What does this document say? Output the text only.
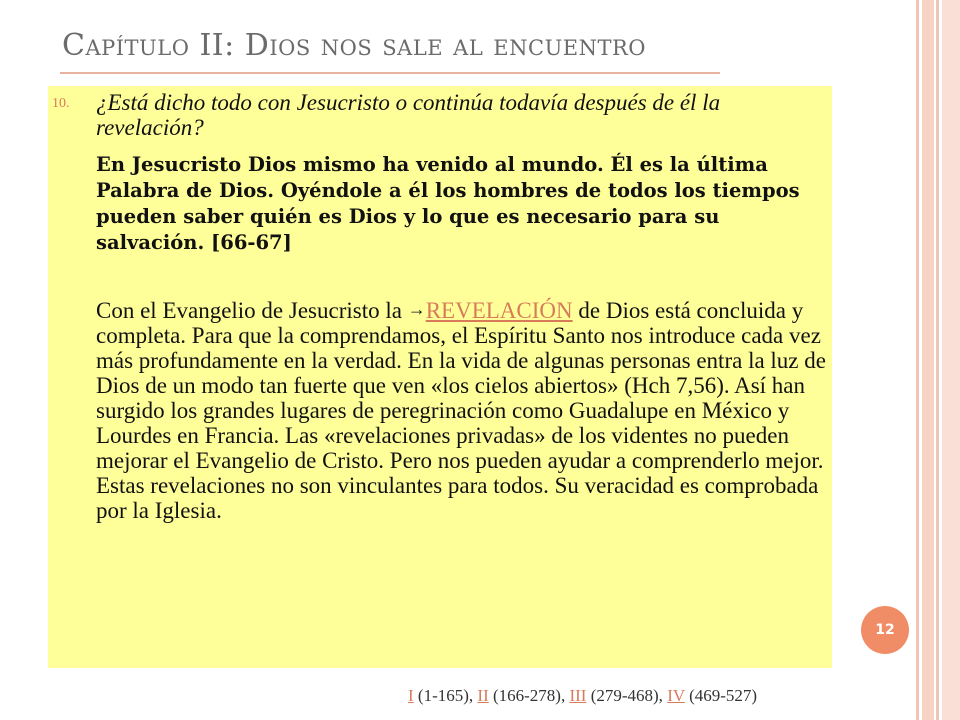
Capítulo II: Dios nos sale al encuentro
10. ¿Está dicho todo con Jesucristo o continúa todavía después de él la revelación?
En Jesucristo Dios mismo ha venido al mundo. Él es la última Palabra de Dios. Oyéndole a él los hombres de todos los tiempos pueden saber quién es Dios y lo que es necesario para su salvación. [66-67]
Con el Evangelio de Jesucristo la →REVELACIÓN de Dios está concluida y completa. Para que la comprendamos, el Espíritu Santo nos introduce cada vez más profundamente en la verdad. En la vida de algunas personas entra la luz de Dios de un modo tan fuerte que ven «los cielos abiertos» (Hch 7,56). Así han surgido los grandes lugares de peregrinación como Guadalupe en México y Lourdes en Francia. Las «revelaciones privadas» de los videntes no pueden mejorar el Evangelio de Cristo. Pero nos pueden ayudar a comprenderlo mejor. Estas revelaciones no son vinculantes para todos. Su veracidad es comprobada por la Iglesia.
12
I (1-165), II (166-278), III (279-468), IV (469-527)
